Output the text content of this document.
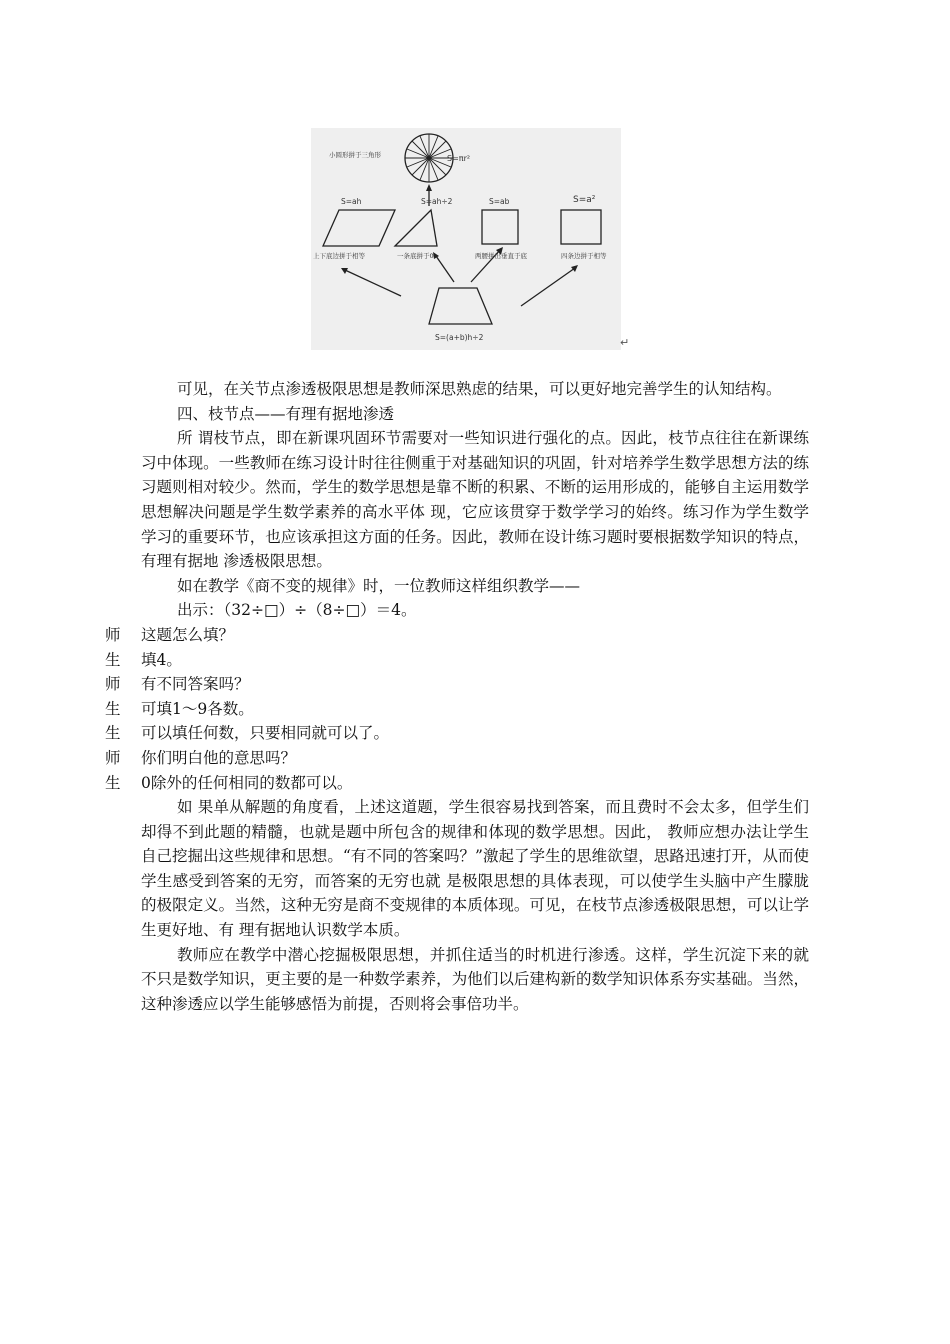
小圆形拼于三角形	S=πr²
S=ah
上下底边拼于相等
S=ah÷2
一条底拼于0
S=ab
两腰拼出垂直于底
S=a²
四条边拼于相等
S=(a+b)h÷2	↵

可见，在关节点渗透极限思想是教师深思熟虑的结果，可以更好地完善学生的认知结构。

四、枝节点——有理有据地渗透

所 谓枝节点，即在新课巩固环节需要对一些知识进行强化的点。因此，枝节点往往在新课练习中体现。一些教师在练习设计时往往侧重于对基础知识的巩固，针对培养学生数学思想方法的练习题则相对较少。然而，学生的数学思想是靠不断的积累、不断的运用形成的，能够自主运用数学思想解决问题是学生数学素养的高水平体 现，它应该贯穿于数学学习的始终。练习作为学生数学学习的重要环节，也应该承担这方面的任务。因此，教师在设计练习题时要根据数学知识的特点，有理有据地 渗透极限思想。

如在教学《商不变的规律》时，一位教师这样组织教学——

出示：（32÷□）÷（8÷□）＝4。

师	这题怎么填？

生	填4。

师	有不同答案吗？

生	可填1～9各数。

生	可以填任何数，只要相同就可以了。

师	你们明白他的意思吗？

生	0除外的任何相同的数都可以。

如 果单从解题的角度看，上述这道题，学生很容易找到答案，而且费时不会太多，但学生们却得不到此题的精髓，也就是题中所包含的规律和体现的数学思想。因此， 教师应想办法让学生自己挖掘出这些规律和思想。“有不同的答案吗？”激起了学生的思维欲望，思路迅速打开，从而使学生感受到答案的无穷，而答案的无穷也就 是极限思想的具体表现，可以使学生头脑中产生朦胧的极限定义。当然，这种无穷是商不变规律的本质体现。可见，在枝节点渗透极限思想，可以让学生更好地、有 理有据地认识数学本质。

教师应在教学中潜心挖掘极限思想，并抓住适当的时机进行渗透。这样，学生沉淀下来的就不只是数学知识，更主要的是一种数学素养，为他们以后建构新的数学知识体系夯实基础。当然，这种渗透应以学生能够感悟为前提，否则将会事倍功半。
